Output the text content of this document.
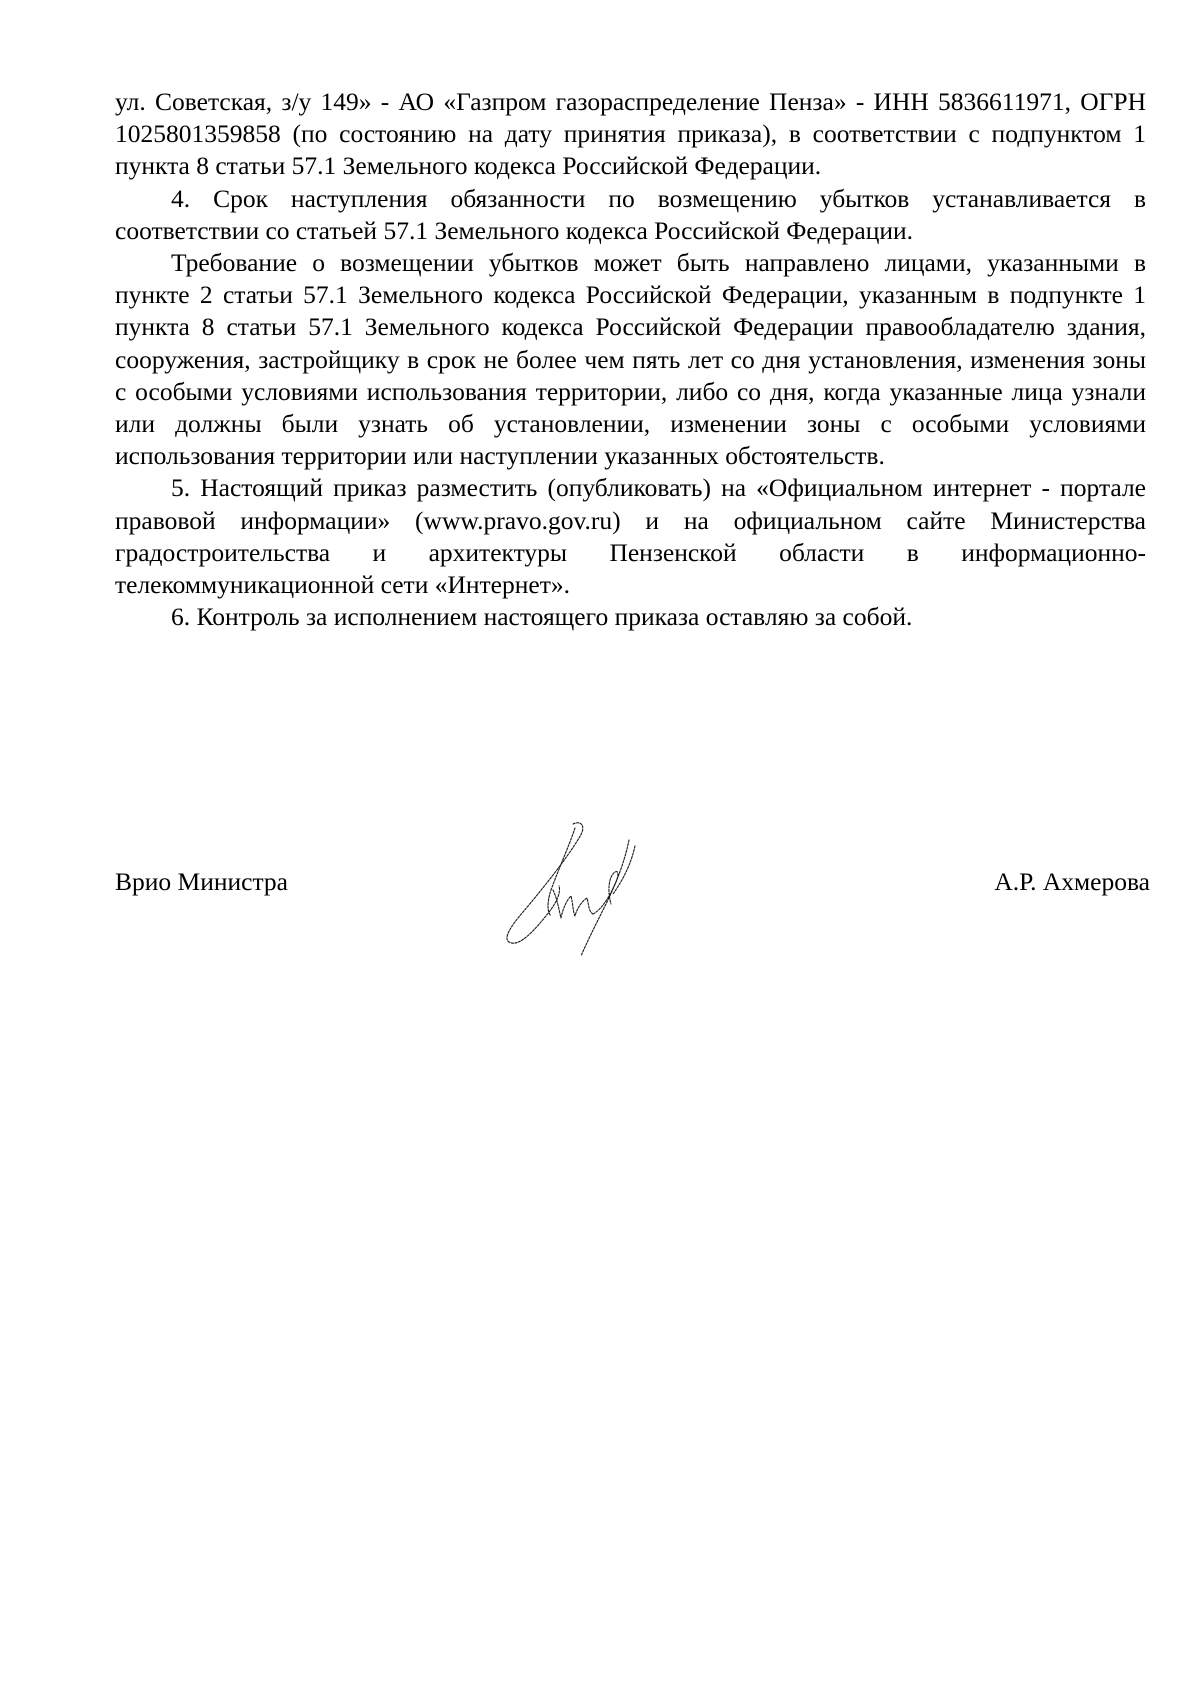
ул. Советская, з/у 149» - АО «Газпром газораспределение Пенза» - ИНН 5836611971, ОГРН 1025801359858 (по состоянию на дату принятия приказа), в соответствии с подпунктом 1 пункта 8 статьи 57.1 Земельного кодекса Российской Федерации.

4. Срок наступления обязанности по возмещению убытков устанавливается в соответствии со статьей 57.1 Земельного кодекса Российской Федерации.

Требование о возмещении убытков может быть направлено лицами, указанными в пункте 2 статьи 57.1 Земельного кодекса Российской Федерации, указанным в подпункте 1 пункта 8 статьи 57.1 Земельного кодекса Российской Федерации правообладателю здания, сооружения, застройщику в срок не более чем пять лет со дня установления, изменения зоны с особыми условиями использования территории, либо со дня, когда указанные лица узнали или должны были узнать об установлении, изменении зоны с особыми условиями использования территории или наступлении указанных обстоятельств.

5. Настоящий приказ разместить (опубликовать) на «Официальном интернет - портале правовой информации» (www.pravo.gov.ru) и на официальном сайте Министерства градостроительства и архитектуры Пензенской области в информационно-телекоммуникационной сети «Интернет».

6. Контроль за исполнением настоящего приказа оставляю за собой.

Врио Министра	А.Р. Ахмерова
